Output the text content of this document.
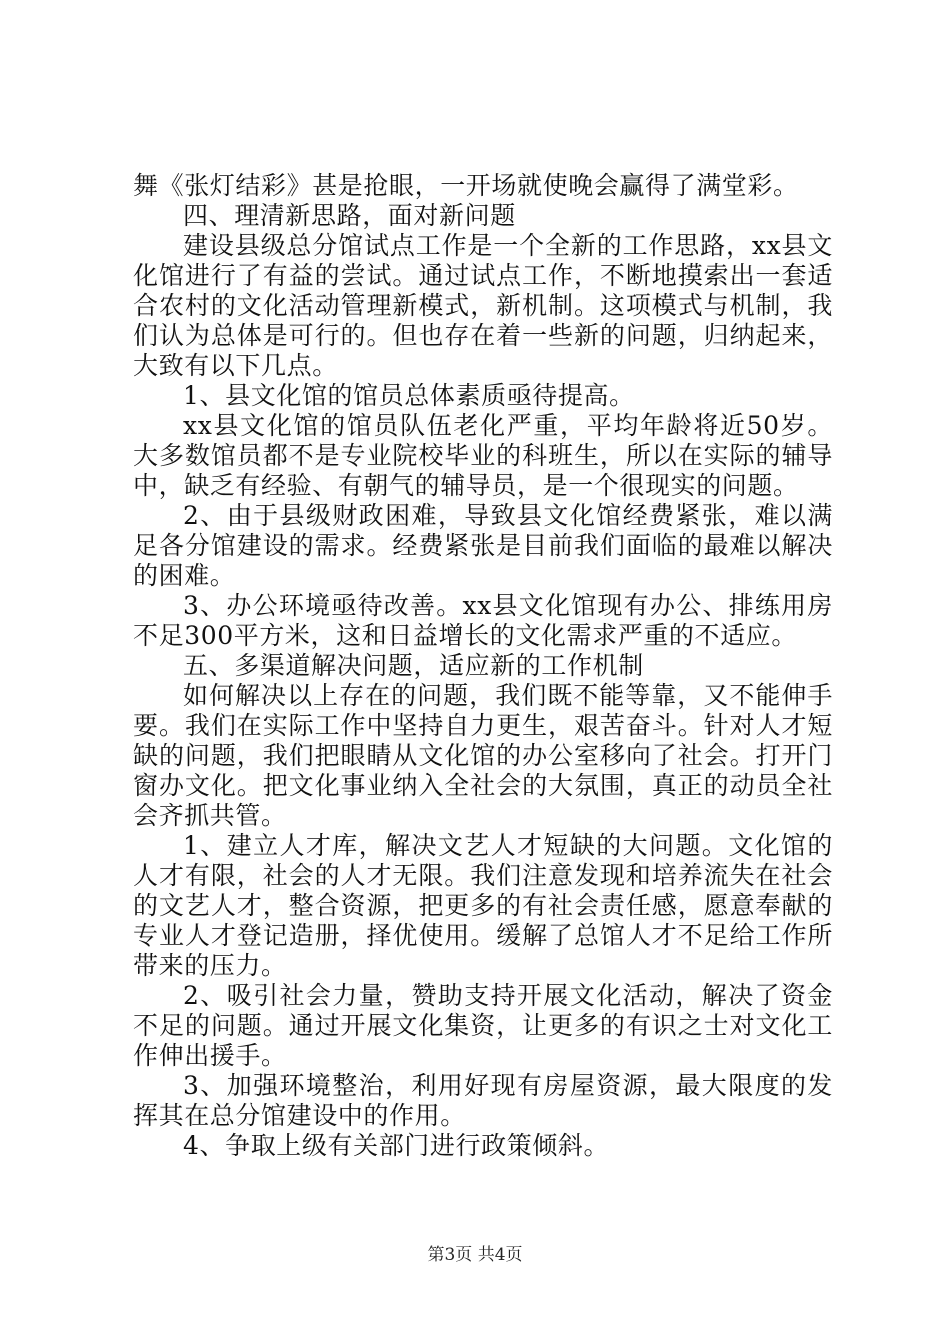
舞《张灯结彩》甚是抢眼，一开场就使晚会赢得了满堂彩。

四、理清新思路，面对新问题

建设县级总分馆试点工作是一个全新的工作思路，xx县文化馆进行了有益的尝试。通过试点工作，不断地摸索出一套适合农村的文化活动管理新模式，新机制。这项模式与机制，我们认为总体是可行的。但也存在着一些新的问题，归纳起来，大致有以下几点。

1、县文化馆的馆员总体素质亟待提高。

xx县文化馆的馆员队伍老化严重，平均年龄将近50岁。大多数馆员都不是专业院校毕业的科班生，所以在实际的辅导中，缺乏有经验、有朝气的辅导员，是一个很现实的问题。

2、由于县级财政困难，导致县文化馆经费紧张，难以满足各分馆建设的需求。经费紧张是目前我们面临的最难以解决的困难。

3、办公环境亟待改善。xx县文化馆现有办公、排练用房不足300平方米，这和日益增长的文化需求严重的不适应。

五、多渠道解决问题，适应新的工作机制

如何解决以上存在的问题，我们既不能等靠，又不能伸手要。我们在实际工作中坚持自力更生，艰苦奋斗。针对人才短缺的问题，我们把眼睛从文化馆的办公室移向了社会。打开门窗办文化。把文化事业纳入全社会的大氛围，真正的动员全社会齐抓共管。

1、建立人才库，解决文艺人才短缺的大问题。文化馆的人才有限，社会的人才无限。我们注意发现和培养流失在社会的文艺人才，整合资源，把更多的有社会责任感，愿意奉献的专业人才登记造册，择优使用。缓解了总馆人才不足给工作所带来的压力。

2、吸引社会力量，赞助支持开展文化活动，解决了资金不足的问题。通过开展文化集资，让更多的有识之士对文化工作伸出援手。

3、加强环境整治，利用好现有房屋资源，最大限度的发挥其在总分馆建设中的作用。

4、争取上级有关部门进行政策倾斜。

第3页 共4页
